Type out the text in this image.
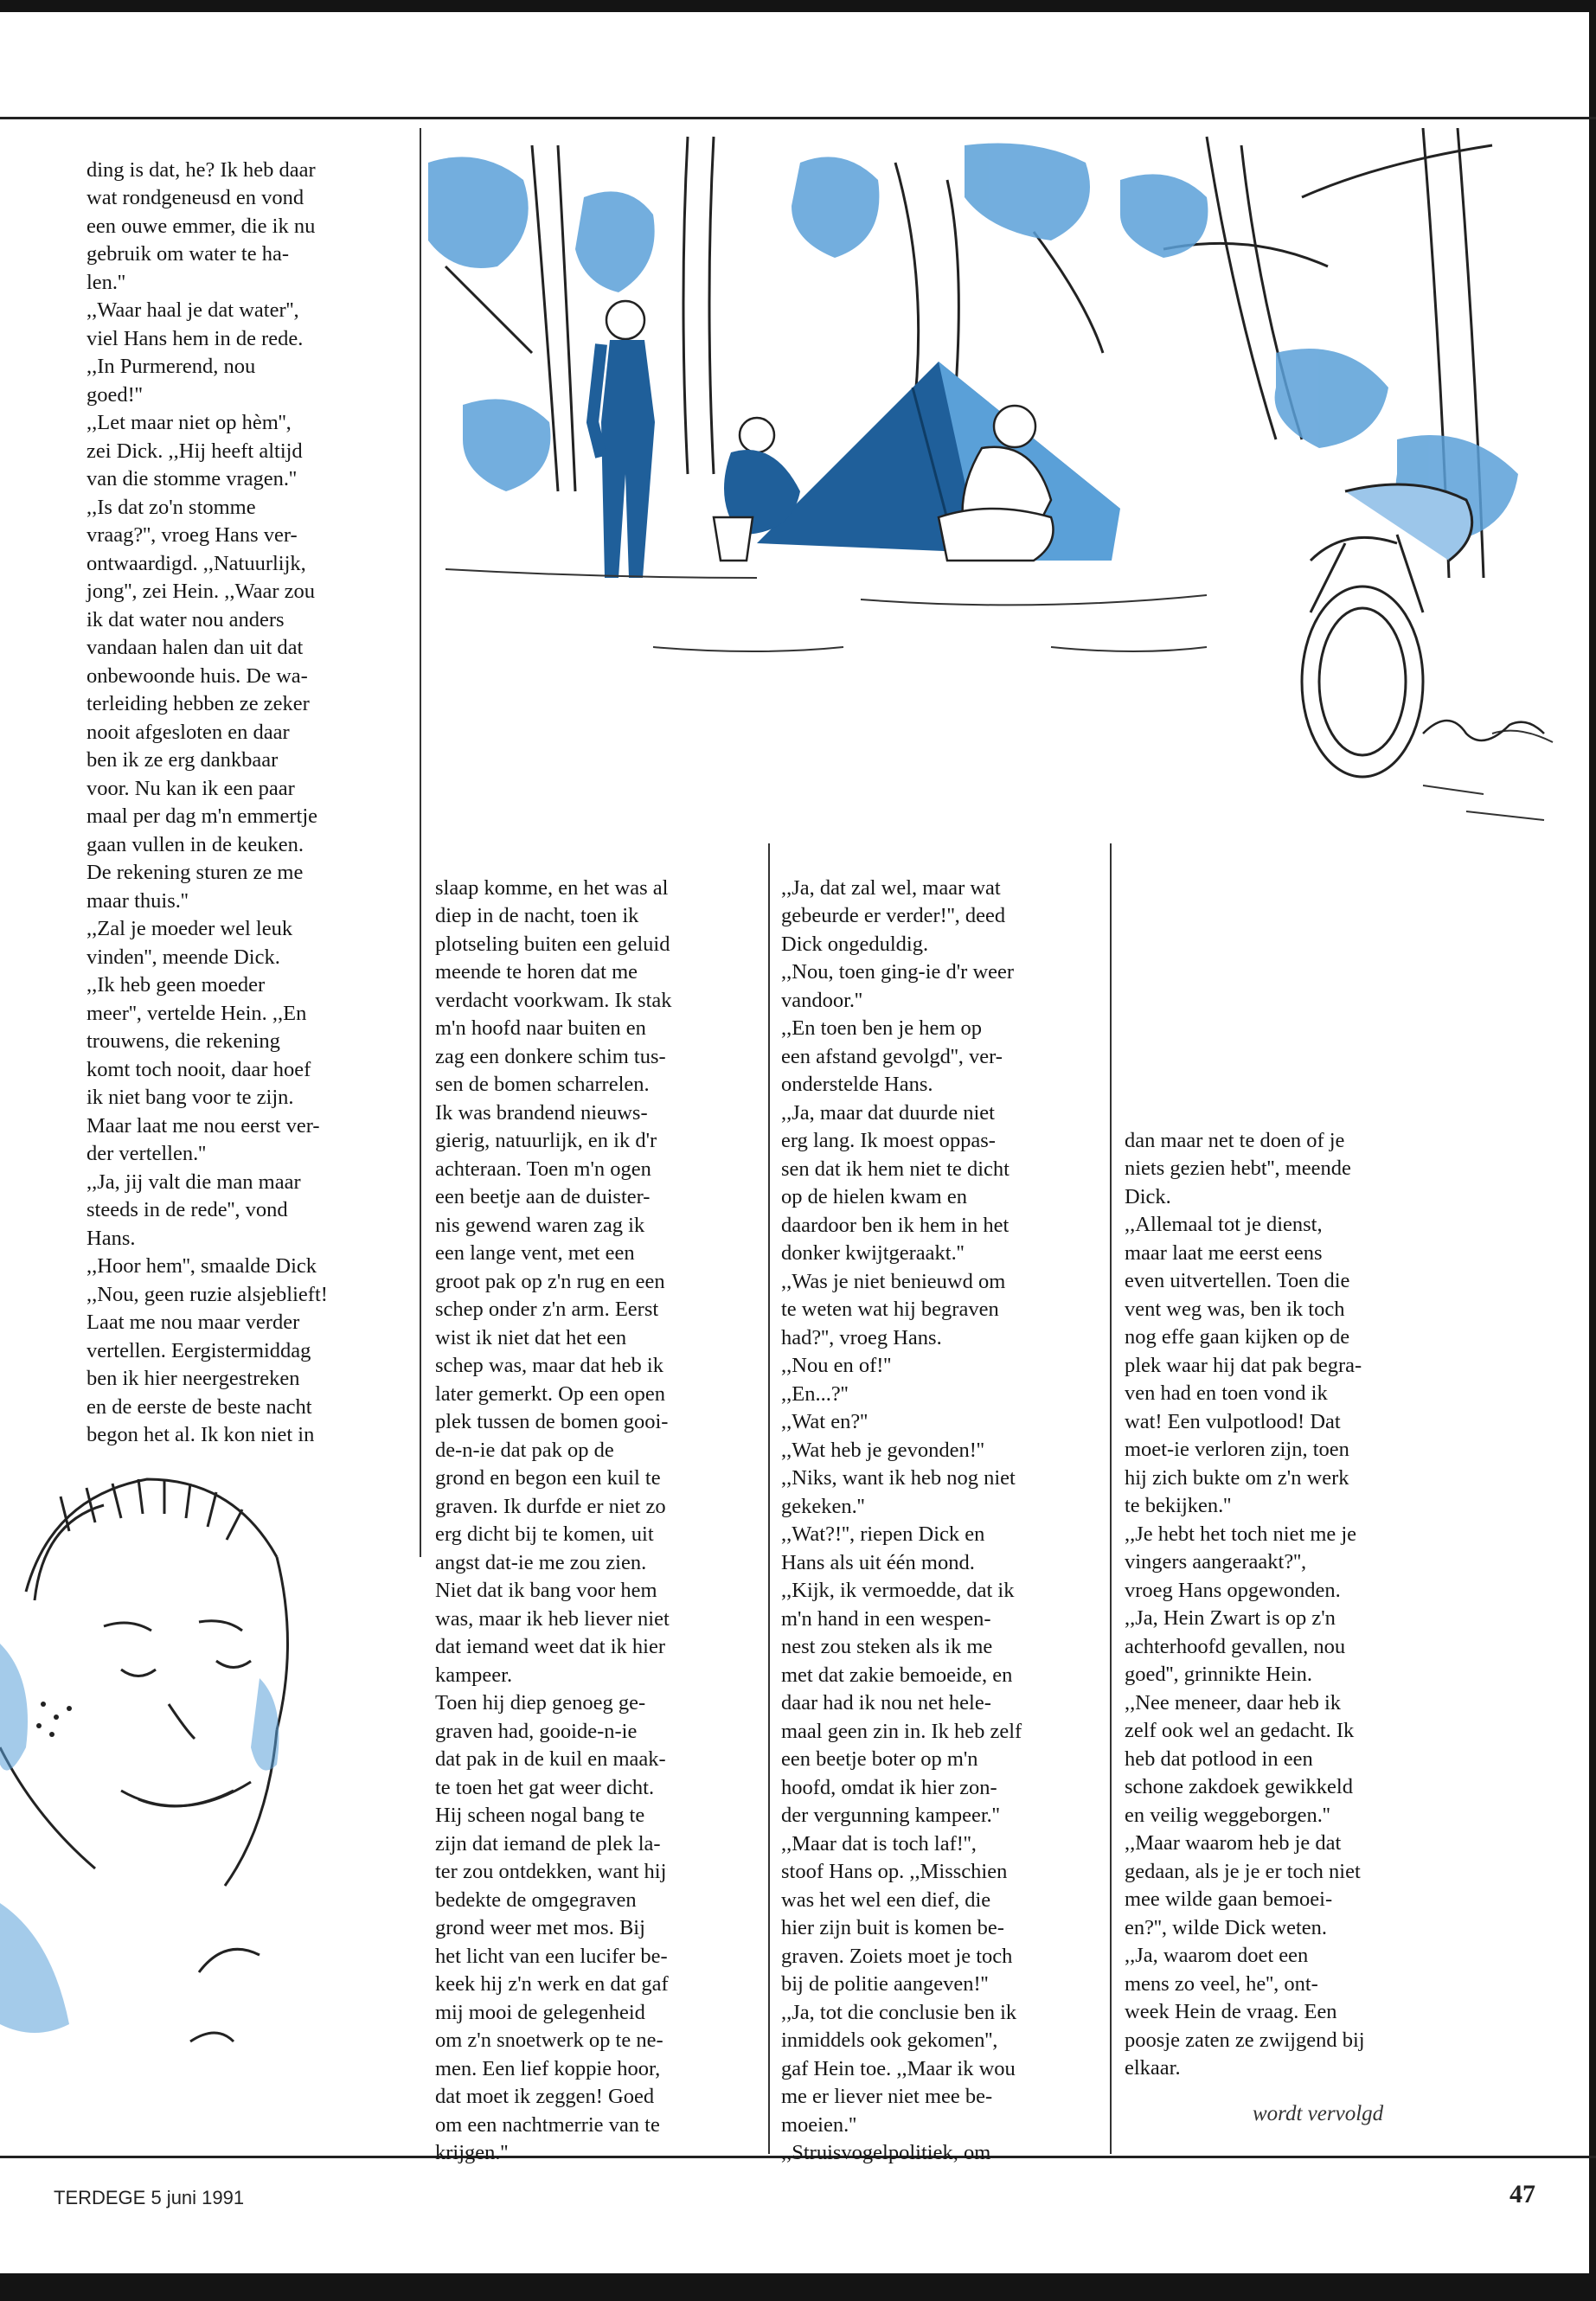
ding is dat, he? Ik heb daar
wat rondgeneusd en vond
een ouwe emmer, die ik nu
gebruik om water te ha-
len.''
,,Waar haal je dat water'',
viel Hans hem in de rede.
,,In Purmerend, nou
goed!''
,,Let maar niet op hèm'',
zei Dick. ,,Hij heeft altijd
van die stomme vragen.''
,,Is dat zo'n stomme
vraag?'', vroeg Hans ver-
ontwaardigd. ,,Natuurlijk,
jong'', zei Hein. ,,Waar zou
ik dat water nou anders
vandaan halen dan uit dat
onbewoonde huis. De wa-
terleiding hebben ze zeker
nooit afgesloten en daar
ben ik ze erg dankbaar
voor. Nu kan ik een paar
maal per dag m'n emmertje
gaan vullen in de keuken.
De rekening sturen ze me
maar thuis.''
,,Zal je moeder wel leuk
vinden'', meende Dick.
,,Ik heb geen moeder
meer'', vertelde Hein. ,,En
trouwens, die rekening
komt toch nooit, daar hoef
ik niet bang voor te zijn.
Maar laat me nou eerst ver-
der vertellen.''
,,Ja, jij valt die man maar
steeds in de rede'', vond
Hans.
,,Hoor hem'', smaalde Dick
,,Nou, geen ruzie alsjeblieft!
Laat me nou maar verder
vertellen. Eergistermiddag
ben ik hier neergestreken
en de eerste de beste nacht
begon het al. Ik kon niet in

slaap komme, en het was al
diep in de nacht, toen ik
plotseling buiten een geluid
meende te horen dat me
verdacht voorkwam. Ik stak
m'n hoofd naar buiten en
zag een donkere schim tus-
sen de bomen scharrelen.
Ik was brandend nieuws-
gierig, natuurlijk, en ik d'r
achteraan. Toen m'n ogen
een beetje aan de duister-
nis gewend waren zag ik
een lange vent, met een
groot pak op z'n rug en een
schep onder z'n arm. Eerst
wist ik niet dat het een
schep was, maar dat heb ik
later gemerkt. Op een open
plek tussen de bomen gooi-
de-n-ie dat pak op de
grond en begon een kuil te
graven. Ik durfde er niet zo
erg dicht bij te komen, uit
angst dat-ie me zou zien.
Niet dat ik bang voor hem
was, maar ik heb liever niet
dat iemand weet dat ik hier
kampeer.
Toen hij diep genoeg ge-
graven had, gooide-n-ie
dat pak in de kuil en maak-
te toen het gat weer dicht.
Hij scheen nogal bang te
zijn dat iemand de plek la-
ter zou ontdekken, want hij
bedekte de omgegraven
grond weer met mos. Bij
het licht van een lucifer be-
keek hij z'n werk en dat gaf
mij mooi de gelegenheid
om z'n snoetwerk op te ne-
men. Een lief koppie hoor,
dat moet ik zeggen! Goed
om een nachtmerrie van te
krijgen.''

,,Ja, dat zal wel, maar wat
gebeurde er verder!'', deed
Dick ongeduldig.
,,Nou, toen ging-ie d'r weer
vandoor.''
,,En toen ben je hem op
een afstand gevolgd'', ver-
onderstelde Hans.
,,Ja, maar dat duurde niet
erg lang. Ik moest oppas-
sen dat ik hem niet te dicht
op de hielen kwam en
daardoor ben ik hem in het
donker kwijtgeraakt.''
,,Was je niet benieuwd om
te weten wat hij begraven
had?'', vroeg Hans.
,,Nou en of!''
,,En...?''
,,Wat en?''
,,Wat heb je gevonden!''
,,Niks, want ik heb nog niet
gekeken.''
,,Wat?!'', riepen Dick en
Hans als uit één mond.
,,Kijk, ik vermoedde, dat ik
m'n hand in een wespen-
nest zou steken als ik me
met dat zakie bemoeide, en
daar had ik nou net hele-
maal geen zin in. Ik heb zelf
een beetje boter op m'n
hoofd, omdat ik hier zon-
der vergunning kampeer.''
,,Maar dat is toch laf!'',
stoof Hans op. ,,Misschien
was het wel een dief, die
hier zijn buit is komen be-
graven. Zoiets moet je toch
bij de politie aangeven!''
,,Ja, tot die conclusie ben ik
inmiddels ook gekomen'',
gaf Hein toe. ,,Maar ik wou
me er liever niet mee be-
moeien.''
,,Struisvogelpolitiek, om

dan maar net te doen of je
niets gezien hebt'', meende
Dick.
,,Allemaal tot je dienst,
maar laat me eerst eens
even uitvertellen. Toen die
vent weg was, ben ik toch
nog effe gaan kijken op de
plek waar hij dat pak begra-
ven had en toen vond ik
wat! Een vulpotlood! Dat
moet-ie verloren zijn, toen
hij zich bukte om z'n werk
te bekijken.''
,,Je hebt het toch niet me je
vingers aangeraakt?'',
vroeg Hans opgewonden.
,,Ja, Hein Zwart is op z'n
achterhoofd gevallen, nou
goed'', grinnikte Hein.
,,Nee meneer, daar heb ik
zelf ook wel an gedacht. Ik
heb dat potlood in een
schone zakdoek gewikkeld
en veilig weggeborgen.''
,,Maar waarom heb je dat
gedaan, als je je er toch niet
mee wilde gaan bemoei-
en?'', wilde Dick weten.
,,Ja, waarom doet een
mens zo veel, he'', ont-
week Hein de vraag. Een
poosje zaten ze zwijgend bij
elkaar.

wordt vervolgd
TERDEGE 5 juni 1991	47
